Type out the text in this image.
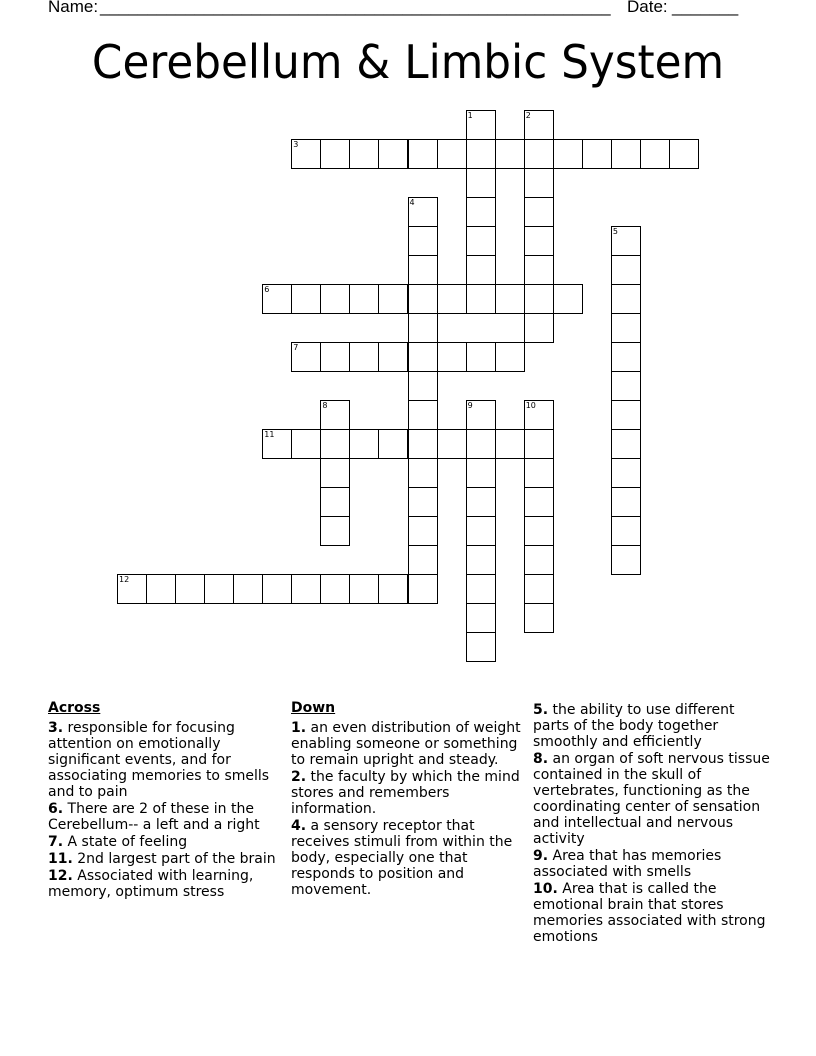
Name:

______________________________________________________

Date:

_______

Cerebellum & Limbic System
1	2
3
4
5
6
7
8	9	10
11
12
Across
3. responsible for focusing attention on emotionally significant events, and for associating memories to smells and to pain
6. There are 2 of these in the Cerebellum-- a left and a right
7. A state of feeling
11. 2nd largest part of the brain
12. Associated with learning, memory, optimum stress
Down
1. an even distribution of weight enabling someone or something to remain upright and steady.
2. the faculty by which the mind stores and remembers information.
4. a sensory receptor that receives stimuli from within the body, especially one that responds to position and movement.
5. the ability to use different parts of the body together smoothly and efficiently
8. an organ of soft nervous tissue contained in the skull of vertebrates, functioning as the coordinating center of sensation and intellectual and nervous activity
9. Area that has memories associated with smells
10. Area that is called the emotional brain that stores memories associated with strong emotions
